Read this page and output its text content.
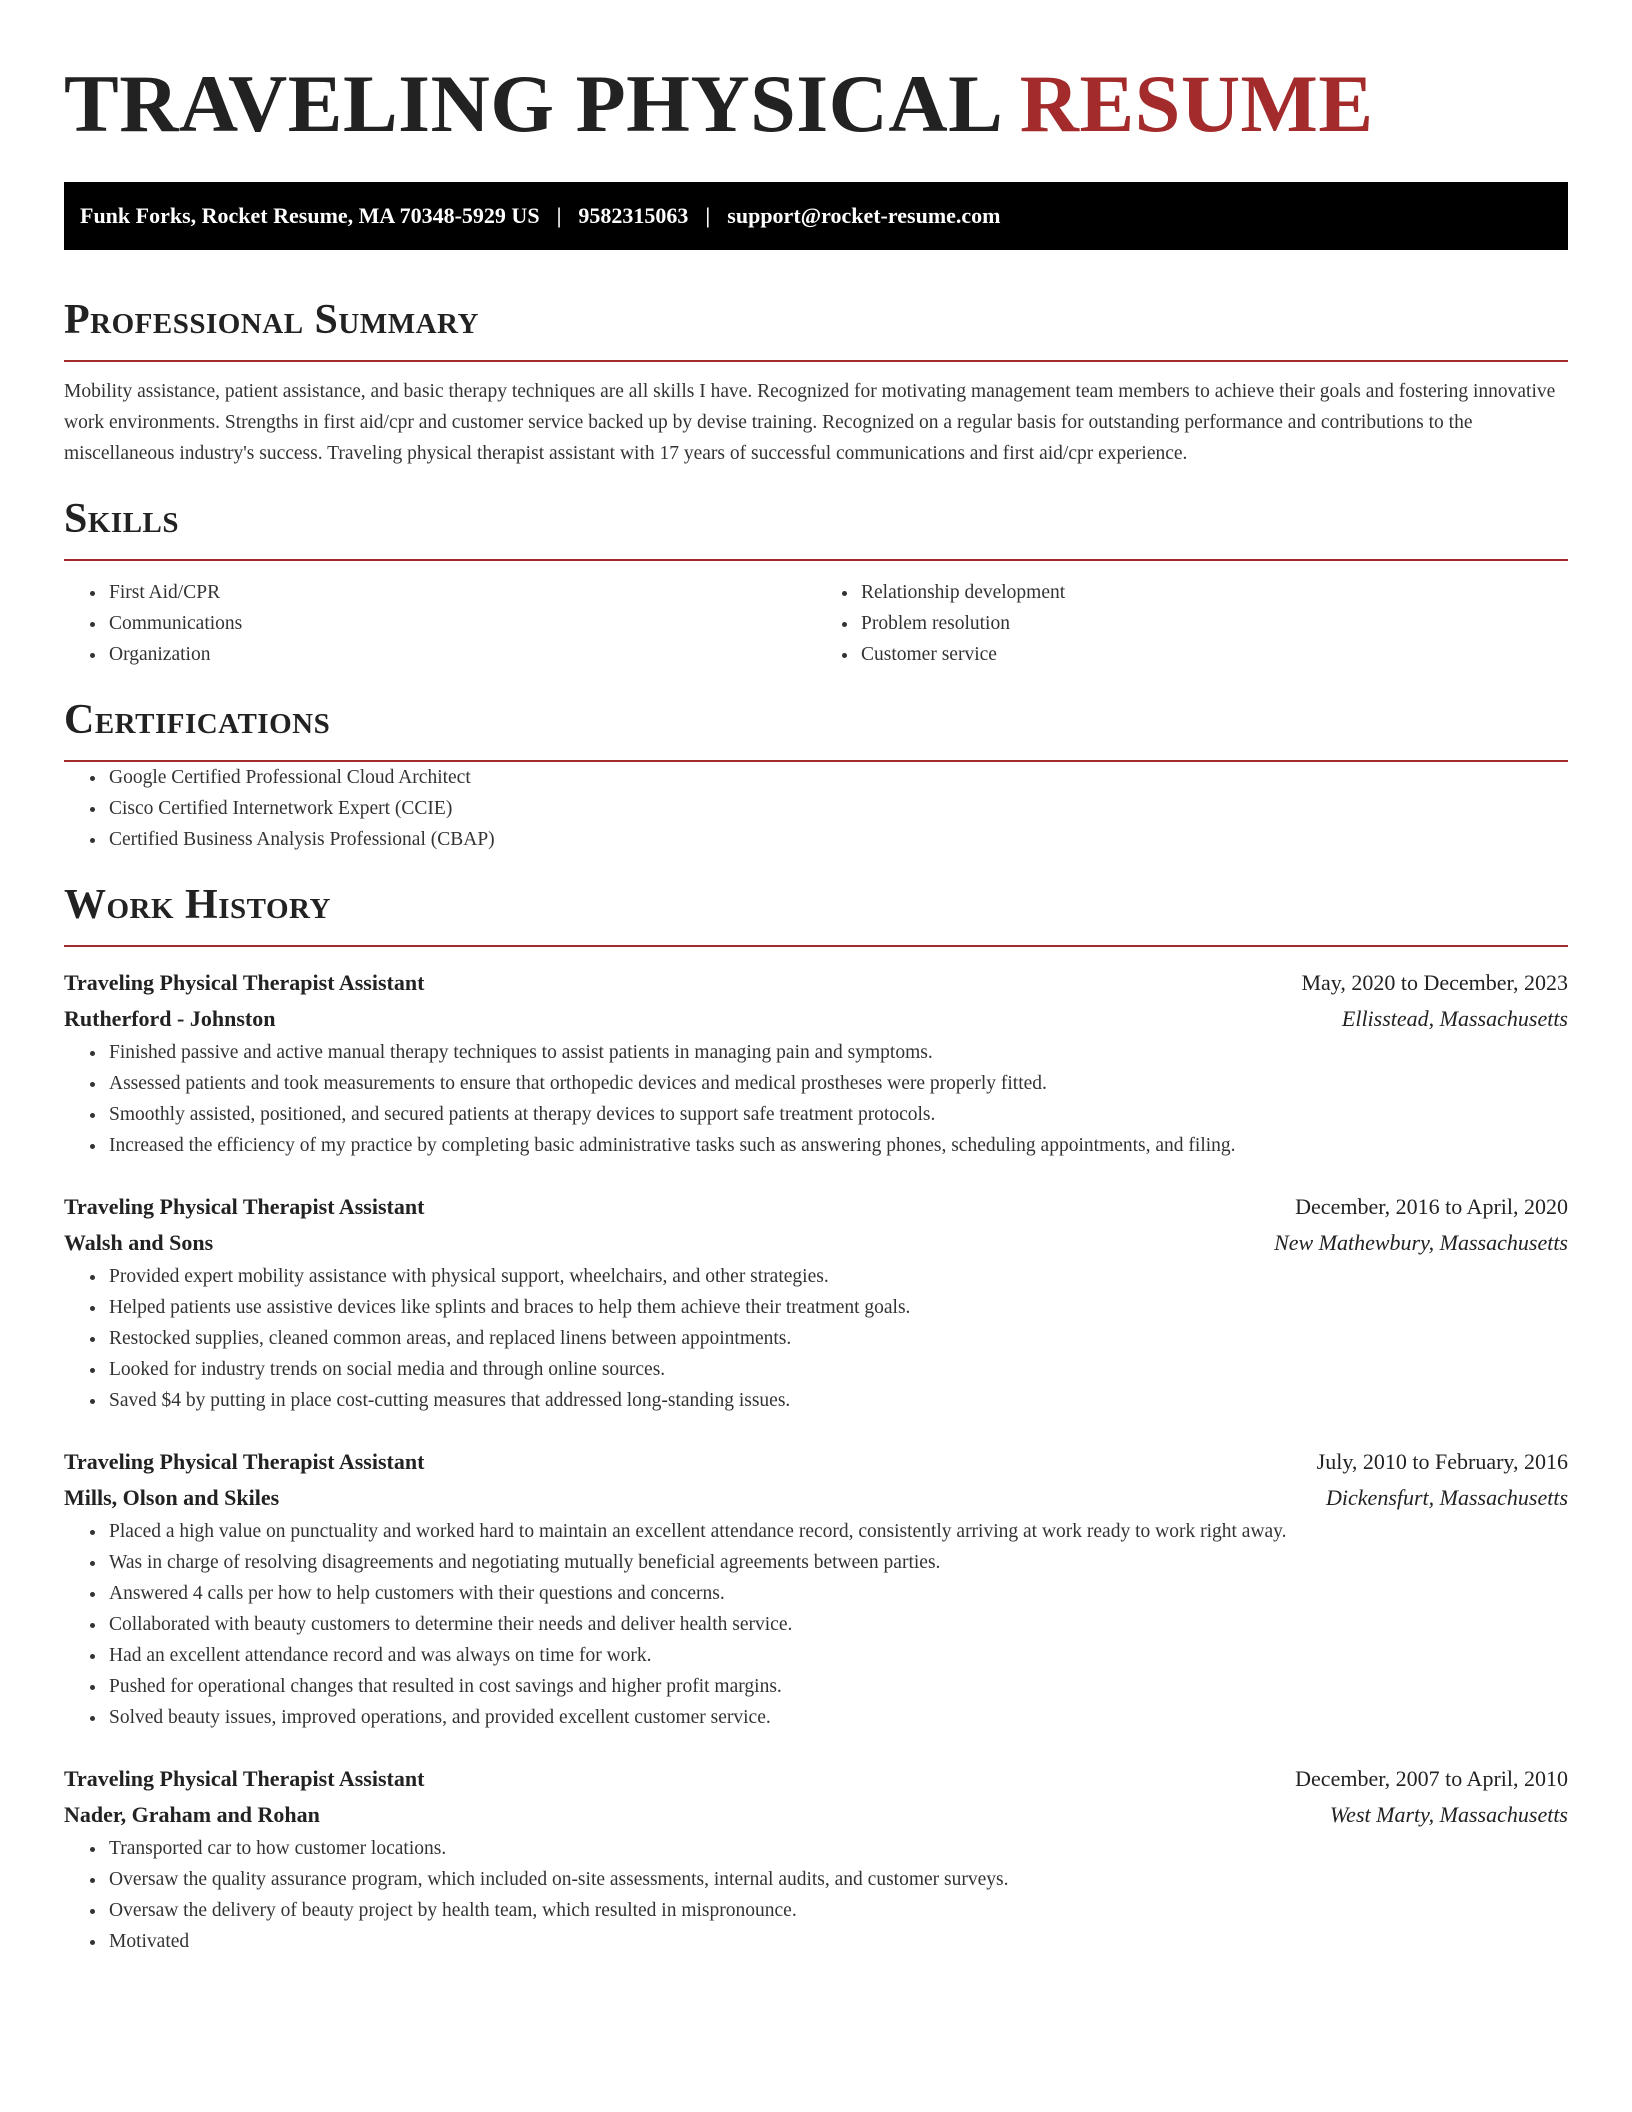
TRAVELING PHYSICAL RESUME
Funk Forks, Rocket Resume, MA 70348-5929 US | 9582315063 | support@rocket-resume.com
Professional Summary

Mobility assistance, patient assistance, and basic therapy techniques are all skills I have. Recognized for motivating management team members to achieve their goals and fostering innovative work environments. Strengths in first aid/cpr and customer service backed up by devise training. Recognized on a regular basis for outstanding performance and contributions to the miscellaneous industry's success. Traveling physical therapist assistant with 17 years of successful communications and first aid/cpr experience.

Skills
• First Aid/CPR
• Communications
• Organization
• Relationship development
• Problem resolution
• Customer service
Certifications
• Google Certified Professional Cloud Architect
• Cisco Certified Internetwork Expert (CCIE)
• Certified Business Analysis Professional (CBAP)
Work History
Traveling Physical Therapist Assistant	May, 2020 to December, 2023
Rutherford - Johnston	Ellisstead, Massachusetts
• Finished passive and active manual therapy techniques to assist patients in managing pain and symptoms.
• Assessed patients and took measurements to ensure that orthopedic devices and medical prostheses were properly fitted.
• Smoothly assisted, positioned, and secured patients at therapy devices to support safe treatment protocols.
• Increased the efficiency of my practice by completing basic administrative tasks such as answering phones, scheduling appointments, and filing.
Traveling Physical Therapist Assistant	December, 2016 to April, 2020
Walsh and Sons	New Mathewbury, Massachusetts
• Provided expert mobility assistance with physical support, wheelchairs, and other strategies.
• Helped patients use assistive devices like splints and braces to help them achieve their treatment goals.
• Restocked supplies, cleaned common areas, and replaced linens between appointments.
• Looked for industry trends on social media and through online sources.
• Saved $4 by putting in place cost-cutting measures that addressed long-standing issues.
Traveling Physical Therapist Assistant	July, 2010 to February, 2016
Mills, Olson and Skiles	Dickensfurt, Massachusetts
• Placed a high value on punctuality and worked hard to maintain an excellent attendance record, consistently arriving at work ready to work right away.
• Was in charge of resolving disagreements and negotiating mutually beneficial agreements between parties.
• Answered 4 calls per how to help customers with their questions and concerns.
• Collaborated with beauty customers to determine their needs and deliver health service.
• Had an excellent attendance record and was always on time for work.
• Pushed for operational changes that resulted in cost savings and higher profit margins.
• Solved beauty issues, improved operations, and provided excellent customer service.
Traveling Physical Therapist Assistant	December, 2007 to April, 2010
Nader, Graham and Rohan	West Marty, Massachusetts
• Transported car to how customer locations.
• Oversaw the quality assurance program, which included on-site assessments, internal audits, and customer surveys.
• Oversaw the delivery of beauty project by health team, which resulted in mispronounce.
• Motivated
